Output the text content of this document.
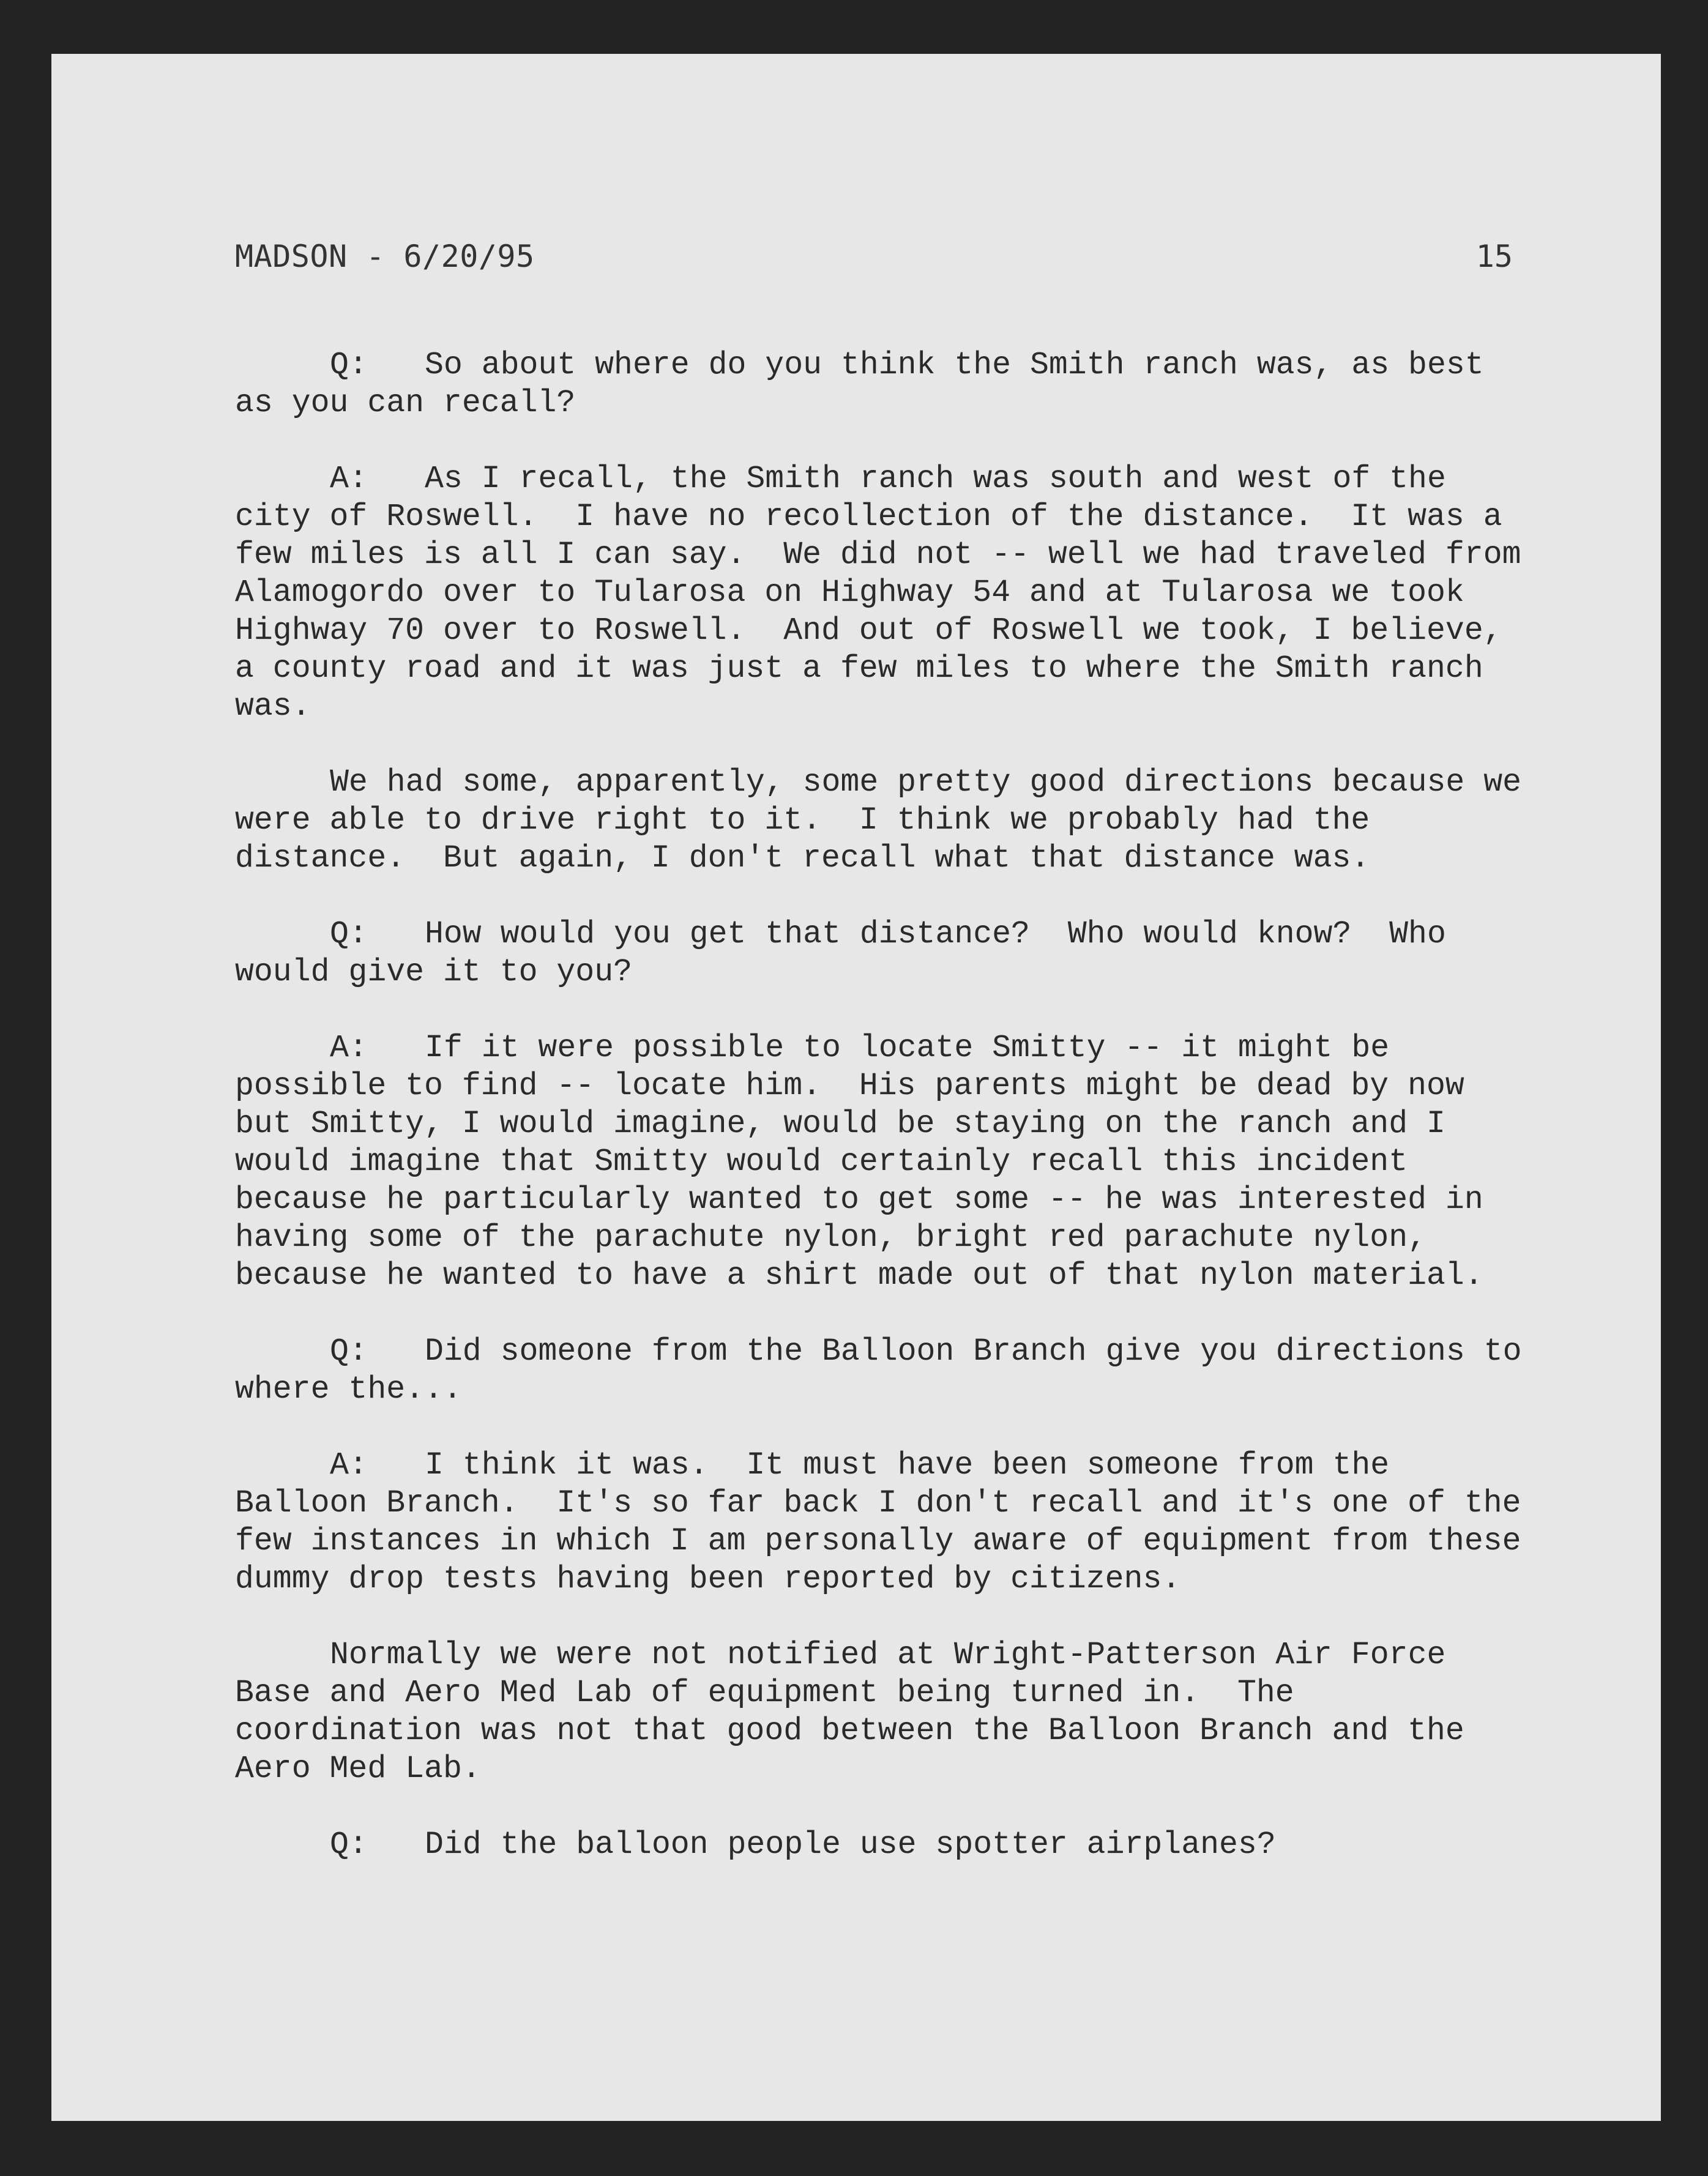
MADSON - 6/20/95	15

Q: So about where do you think the Smith ranch was, as best as you can recall?

A: As I recall, the Smith ranch was south and west of the city of Roswell.  I have no recollection of the distance.  It was a few miles is all I can say.  We did not -- well we had traveled from Alamogordo over to Tularosa on Highway 54 and at Tularosa we took Highway 70 over to Roswell.  And out of Roswell we took, I believe, a county road and it was just a few miles to where the Smith ranch was.

We had some, apparently, some pretty good directions because we were able to drive right to it.  I think we probably had the distance.  But again, I don't recall what that distance was.

Q: How would you get that distance?  Who would know?  Who would give it to you?

A: If it were possible to locate Smitty -- it might be possible to find -- locate him.  His parents might be dead by now but Smitty, I would imagine, would be staying on the ranch and I would imagine that Smitty would certainly recall this incident because he particularly wanted to get some -- he was interested in having some of the parachute nylon, bright red parachute nylon, because he wanted to have a shirt made out of that nylon material.

Q: Did someone from the Balloon Branch give you directions to where the...

A: I think it was.  It must have been someone from the Balloon Branch.  It's so far back I don't recall and it's one of the few instances in which I am personally aware of equipment from these dummy drop tests having been reported by citizens.

Normally we were not notified at Wright-Patterson Air Force Base and Aero Med Lab of equipment being turned in.  The coordination was not that good between the Balloon Branch and the Aero Med Lab.

Q: Did the balloon people use spotter airplanes?
